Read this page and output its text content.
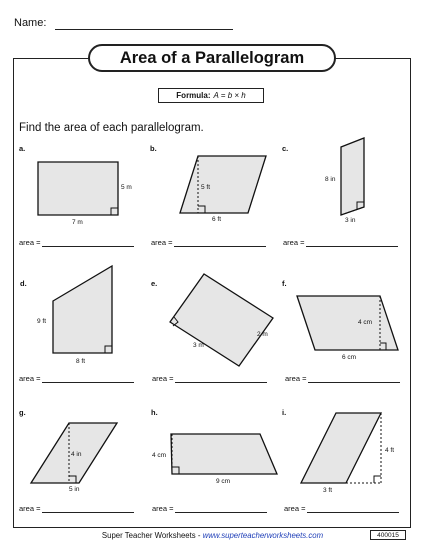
Name:
Area of a Parallelogram
Formula: A = b × h
Find the area of each parallelogram.
a.	b.	c.
d.	e.	f.
g.	h.	i.
7 m
5 m
6 ft
5 ft
3 in
8 in
8 ft
9 ft
3 m
2 m
6 cm
4 cm
5 in
4 in
9 cm
4 cm
3 ft
4 ft
area =	area =	area =
area =	area =	area =
area =	area =	area =
Super Teacher Worksheets - www.superteacherworksheets.com	400015
